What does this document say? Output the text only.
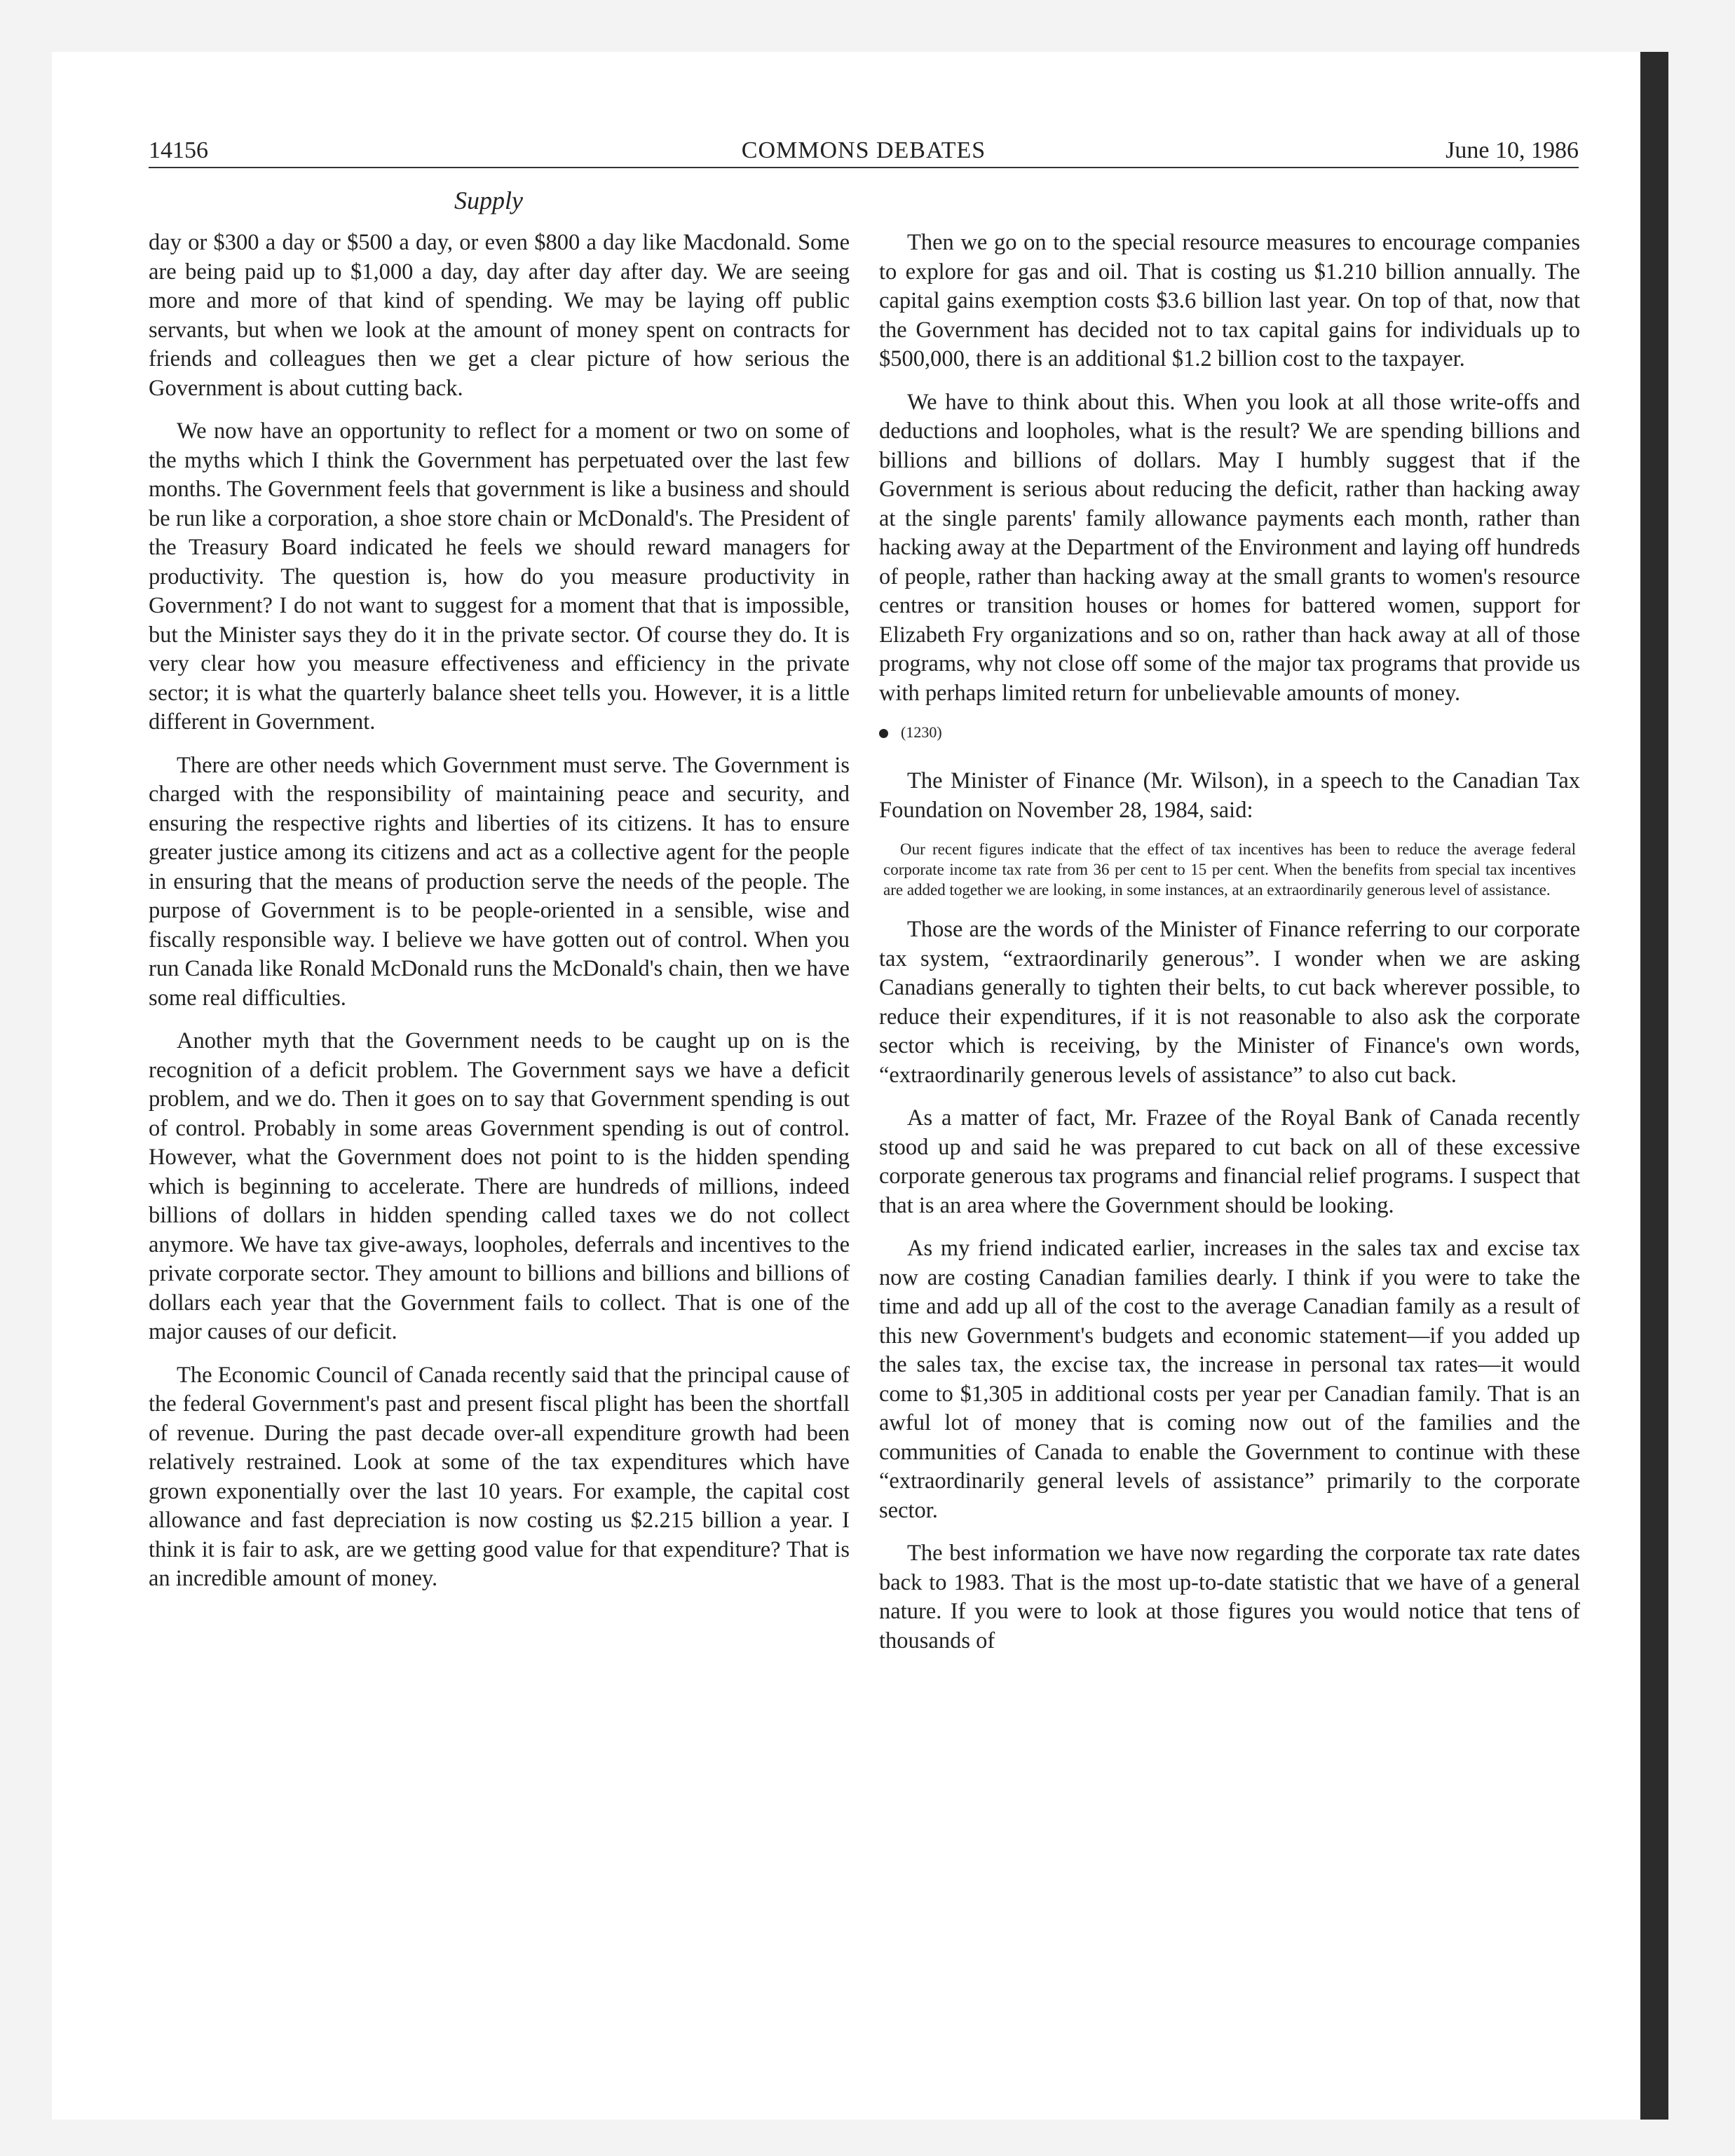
14156	COMMONS DEBATES	June 10, 1986
Supply

day or $300 a day or $500 a day, or even $800 a day like Macdonald. Some are being paid up to $1,000 a day, day after day after day. We are seeing more and more of that kind of spending. We may be laying off public servants, but when we look at the amount of money spent on contracts for friends and colleagues then we get a clear picture of how serious the Government is about cutting back.

We now have an opportunity to reflect for a moment or two on some of the myths which I think the Government has perpetuated over the last few months. The Government feels that government is like a business and should be run like a corporation, a shoe store chain or McDonald's. The President of the Treasury Board indicated he feels we should reward managers for productivity. The question is, how do you measure productivity in Government? I do not want to suggest for a moment that that is impossible, but the Minister says they do it in the private sector. Of course they do. It is very clear how you measure effectiveness and efficiency in the private sector; it is what the quarterly balance sheet tells you. However, it is a little different in Government.

There are other needs which Government must serve. The Government is charged with the responsibility of maintaining peace and security, and ensuring the respective rights and liberties of its citizens. It has to ensure greater justice among its citizens and act as a collective agent for the people in ensuring that the means of production serve the needs of the people. The purpose of Government is to be people-oriented in a sensible, wise and fiscally responsible way. I believe we have gotten out of control. When you run Canada like Ronald McDonald runs the McDonald's chain, then we have some real difficulties.

Another myth that the Government needs to be caught up on is the recognition of a deficit problem. The Government says we have a deficit problem, and we do. Then it goes on to say that Government spending is out of control. Probably in some areas Government spending is out of control. However, what the Government does not point to is the hidden spending which is beginning to accelerate. There are hundreds of millions, indeed billions of dollars in hidden spending called taxes we do not collect anymore. We have tax give-aways, loopholes, deferrals and incentives to the private corporate sector. They amount to billions and billions and billions of dollars each year that the Government fails to collect. That is one of the major causes of our deficit.

The Economic Council of Canada recently said that the principal cause of the federal Government's past and present fiscal plight has been the shortfall of revenue. During the past decade over-all expenditure growth had been relatively restrained. Look at some of the tax expenditures which have grown exponentially over the last 10 years. For example, the capital cost allowance and fast depreciation is now costing us $2.215 billion a year. I think it is fair to ask, are we getting good value for that expenditure? That is an incredible amount of money.

Then we go on to the special resource measures to encourage companies to explore for gas and oil. That is costing us $1.210 billion annually. The capital gains exemption costs $3.6 billion last year. On top of that, now that the Government has decided not to tax capital gains for individuals up to $500,000, there is an additional $1.2 billion cost to the taxpayer.

We have to think about this. When you look at all those write-offs and deductions and loopholes, what is the result? We are spending billions and billions and billions of dollars. May I humbly suggest that if the Government is serious about reducing the deficit, rather than hacking away at the single parents' family allowance payments each month, rather than hacking away at the Department of the Environment and laying off hundreds of people, rather than hacking away at the small grants to women's resource centres or transition houses or homes for battered women, support for Elizabeth Fry organizations and so on, rather than hack away at all of those programs, why not close off some of the major tax programs that provide us with perhaps limited return for unbelievable amounts of money.

(1230)

The Minister of Finance (Mr. Wilson), in a speech to the Canadian Tax Foundation on November 28, 1984, said:

Our recent figures indicate that the effect of tax incentives has been to reduce the average federal corporate income tax rate from 36 per cent to 15 per cent. When the benefits from special tax incentives are added together we are looking, in some instances, at an extraordinarily generous level of assistance.

Those are the words of the Minister of Finance referring to our corporate tax system, “extraordinarily generous”. I wonder when we are asking Canadians generally to tighten their belts, to cut back wherever possible, to reduce their expenditures, if it is not reasonable to also ask the corporate sector which is receiving, by the Minister of Finance's own words, “extraordinarily generous levels of assistance” to also cut back.

As a matter of fact, Mr. Frazee of the Royal Bank of Canada recently stood up and said he was prepared to cut back on all of these excessive corporate generous tax programs and financial relief programs. I suspect that that is an area where the Government should be looking.

As my friend indicated earlier, increases in the sales tax and excise tax now are costing Canadian families dearly. I think if you were to take the time and add up all of the cost to the average Canadian family as a result of this new Government's budgets and economic statement—if you added up the sales tax, the excise tax, the increase in personal tax rates—it would come to $1,305 in additional costs per year per Canadian family. That is an awful lot of money that is coming now out of the families and the communities of Canada to enable the Government to continue with these “extraordinarily general levels of assistance” primarily to the corporate sector.

The best information we have now regarding the corporate tax rate dates back to 1983. That is the most up-to-date statistic that we have of a general nature. If you were to look at those figures you would notice that tens of thousands of
